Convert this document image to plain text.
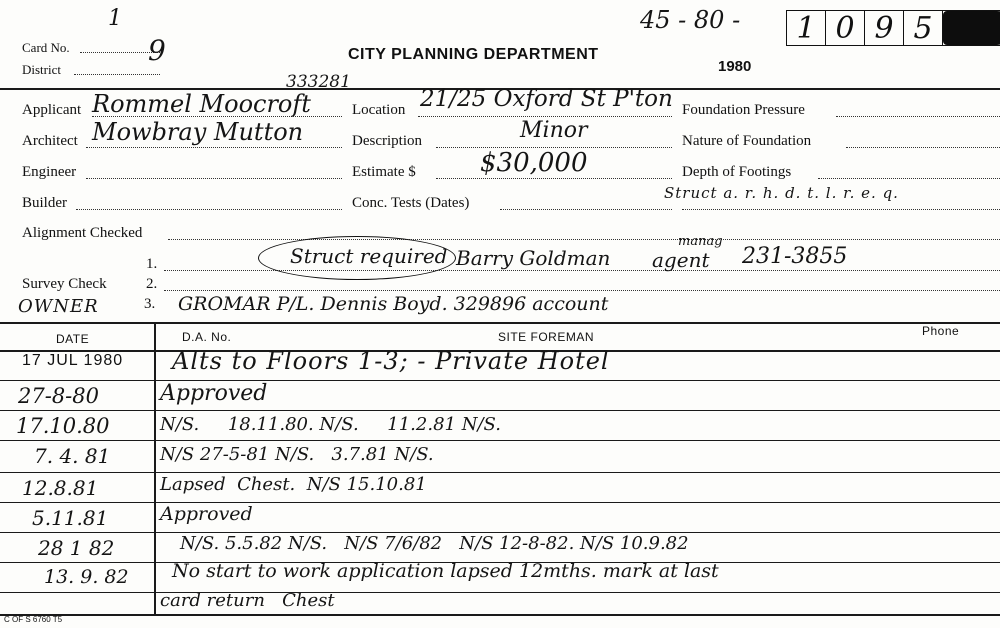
1
Card No.	9
District
CITY PLANNING DEPARTMENT
1980
45 - 80 -	1 0 9 5
Applicant Rommel Moocroft
333281
Architect Mowbray Mutton
Engineer
Builder
Alignment Checked
Location 21/25 Oxford St P'ton
Description	Minor
Estimate $ $30,000
Conc. Tests (Dates)
Foundation Pressure
Nature of Foundation
Depth of Footings
Struct a. r. h. d. t. l. r. e. q.
1.	Struct required Barry Goldman
manag
agent 231-3855
Survey Check	2.
OWNER	3. GROMAR P/L. Dennis Boyd. 329896 account
DATE	D.A. No.	SITE FOREMAN	Phone
17 JUL 1980 Alts to Floors 1-3; - Private Hotel
27-8-80	Approved
17.10.80	N/S.     18.11.80. N/S.     11.2.81 N/S.
7. 4. 81	N/S 27-5-81 N/S.   3.7.81 N/S.
12.8.81	Lapsed  Chest.  N/S 15.10.81
5.11.81	Approved
28 1 82	N/S. 5.5.82 N/S.   N/S 7/6/82   N/S 12-8-82. N/S 10.9.82
13. 9. 82 No start to work application lapsed 12mths. mark at last
card return   Chest
C OF S 6760 T5
